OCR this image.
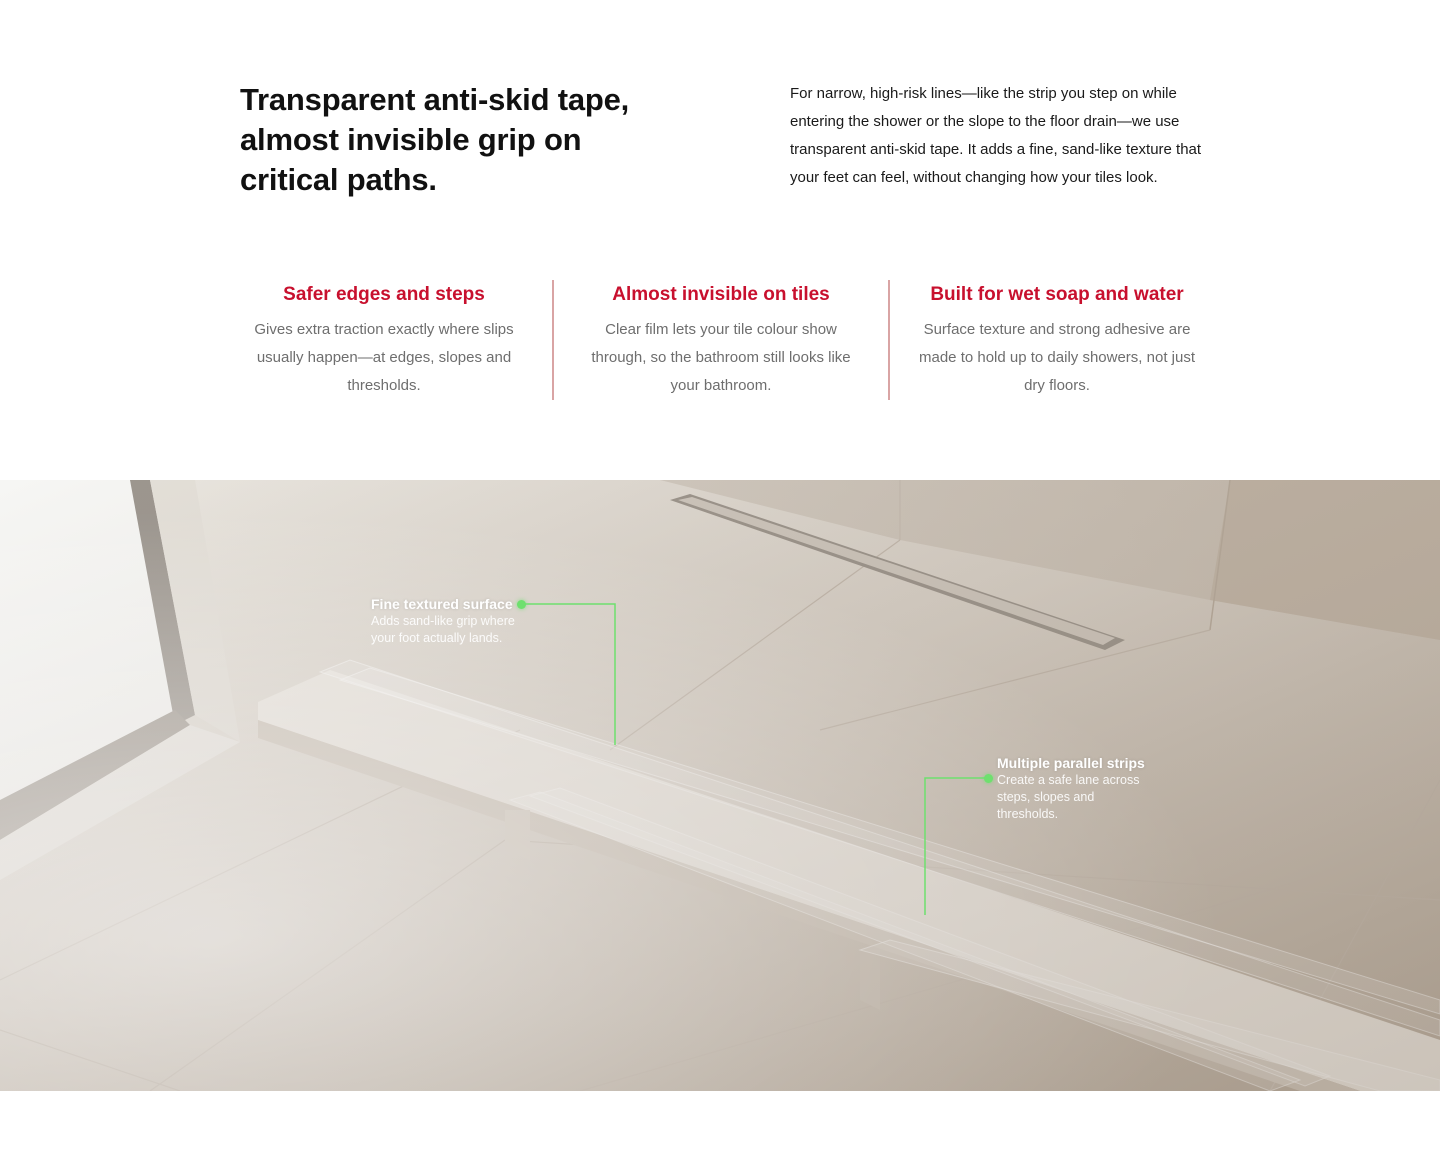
Transparent anti-skid tape, almost invisible grip on critical paths.

For narrow, high-risk lines—like the strip you step on while entering the shower or the slope to the floor drain—we use transparent anti-skid tape. It adds a fine, sand-like texture that your feet can feel, without changing how your tiles look.

Safer edges and steps

Gives extra traction exactly where slips usually happen—at edges, slopes and thresholds.

Almost invisible on tiles

Clear film lets your tile colour show through, so the bathroom still looks like your bathroom.

Built for wet soap and water

Surface texture and strong adhesive are made to hold up to daily showers, not just dry floors.

Fine textured surface
Adds sand-like grip where your foot actually lands.
Multiple parallel strips
Create a safe lane across steps, slopes and thresholds.
